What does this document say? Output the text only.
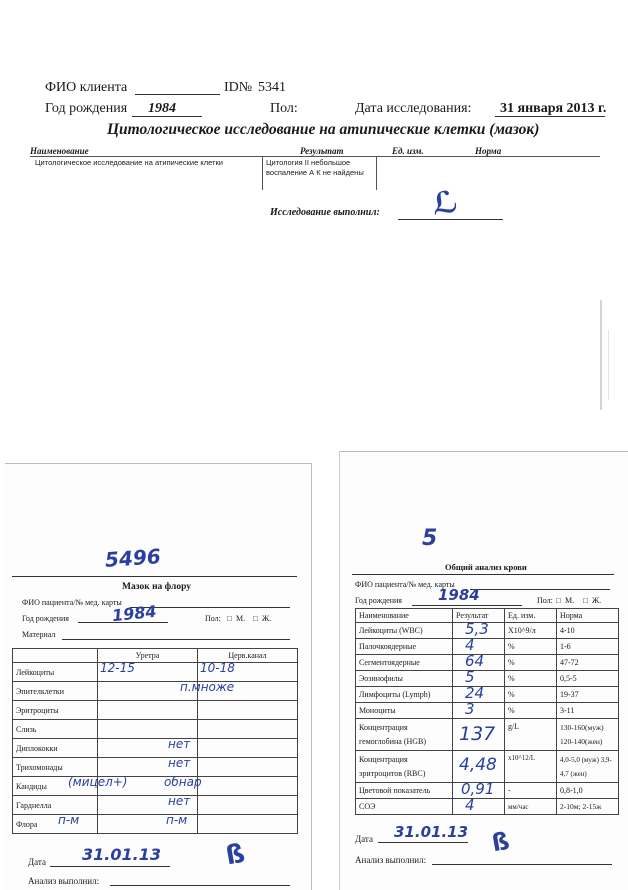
ФИО клиента	ID№ 5341
Год рождения 1984	Пол:	Дата исследования: 31 января 2013 г.
Цитологическое исследование на атипические клетки (мазок)
Наименование	Результат	Ед. изм.	Норма
Цитологическое исследование на атипические клетки	Цитология II небольшое воспаление А К не найдены
Исследование выполнил: ℒ
5496
Мазок на флору
ФИО пациента/№ мед. карты
Год рождения	1984	Пол: □ М. □ Ж.
Материал
	Уретра	Церв.канал
Лейкоциты	12-15	10-18

Эпителклетки		п.множе

Эритроциты	

Слизь	

Диплококки		нет

Трихомонады		нет

Кандиды	(мицел+)	обнар

Гарднелла		нет

Флора	п-м	п-м
Дата 31.01.13 ß
Анализ выполнил:
5
Общий анализ крови
ФИО пациента/№ мед. карты
Год рождения 1984	Пол: □ М. □ Ж.
Наименование	Результат	Ед. изм.	Норма
Лейкоциты (WBC)	5,3	X10^9/л	4-10
Палочкоядерные	4	%	1-6
Сегментоядерные	64	%	47-72
Эозинофилы	5	%	0,5-5
Лимфоциты (Lymph)	24	%	19-37
Моноциты	3	%	3-11
Концентрация гемоглобина (HGB)	137	g/L	130-160(муж) 120-140(жен)
Концентрация эритроцитов (RBC)	4,48	x10^12/L	4,0-5,0 (муж) 3,9-4,7 (жен)
Цветовой показатель	0,91	-	0,8-1,0
СОЭ	4	мм/час	2-10м; 2-15ж
Дата 31.01.13 ß
Анализ выполнил:
